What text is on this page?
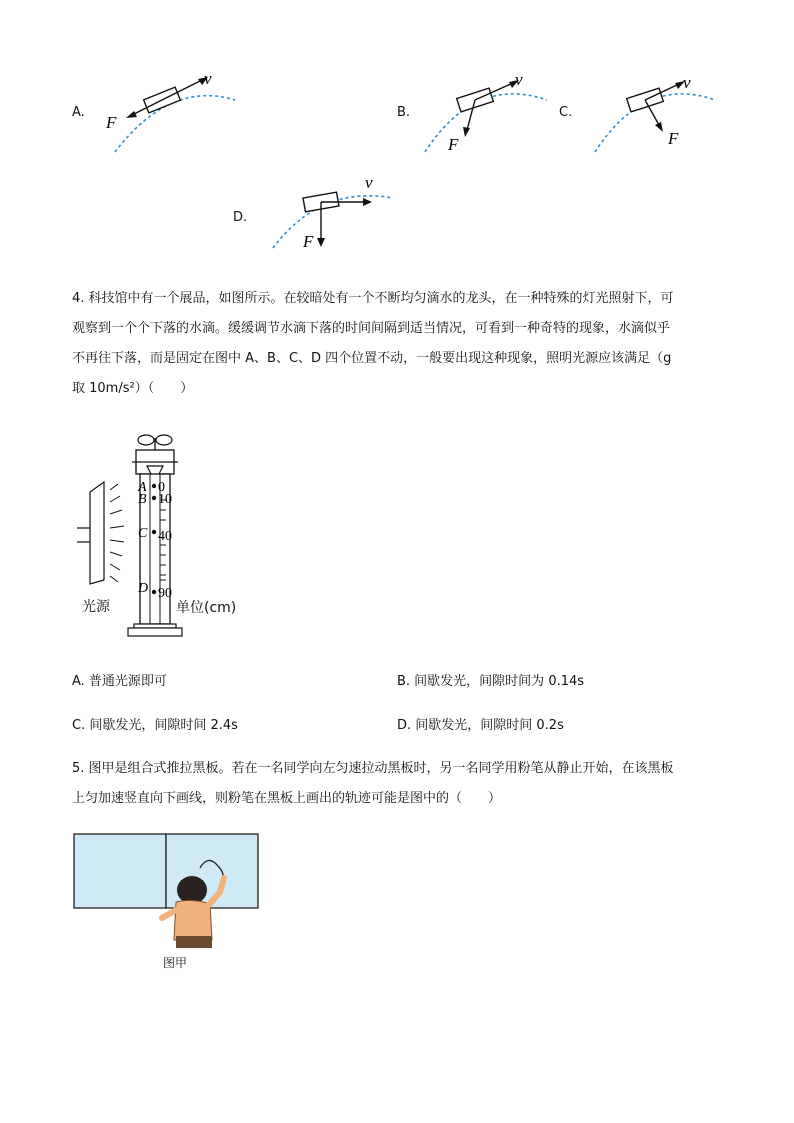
A.
v
F
B.
v
F
C.
v
F
D.
v
F
4. 科技馆中有一个展品，如图所示。在较暗处有一个不断均匀滴水的龙头，在一种特殊的灯光照射下，可
观察到一个个下落的水滴。缓缓调节水滴下落的时间间隔到适当情况，可看到一种奇特的现象，水滴似乎
不再往下落，而是固定在图中 A、B、C、D 四个位置不动，一般要出现这种现象，照明光源应该满足（g
取 10m/s²）（　　）
A 0
B 10
C 40
D 90
光源	单位(cm)
A. 普通光源即可	B. 间歇发光，间隙时间为 0.14s
C. 间歇发光，间隙时间 2.4s	D. 间歇发光，间隙时间 0.2s
5. 图甲是组合式推拉黑板。若在一名同学向左匀速拉动黑板时，另一名同学用粉笔从静止开始，在该黑板
上匀加速竖直向下画线，则粉笔在黑板上画出的轨迹可能是图中的（　　）
图甲
